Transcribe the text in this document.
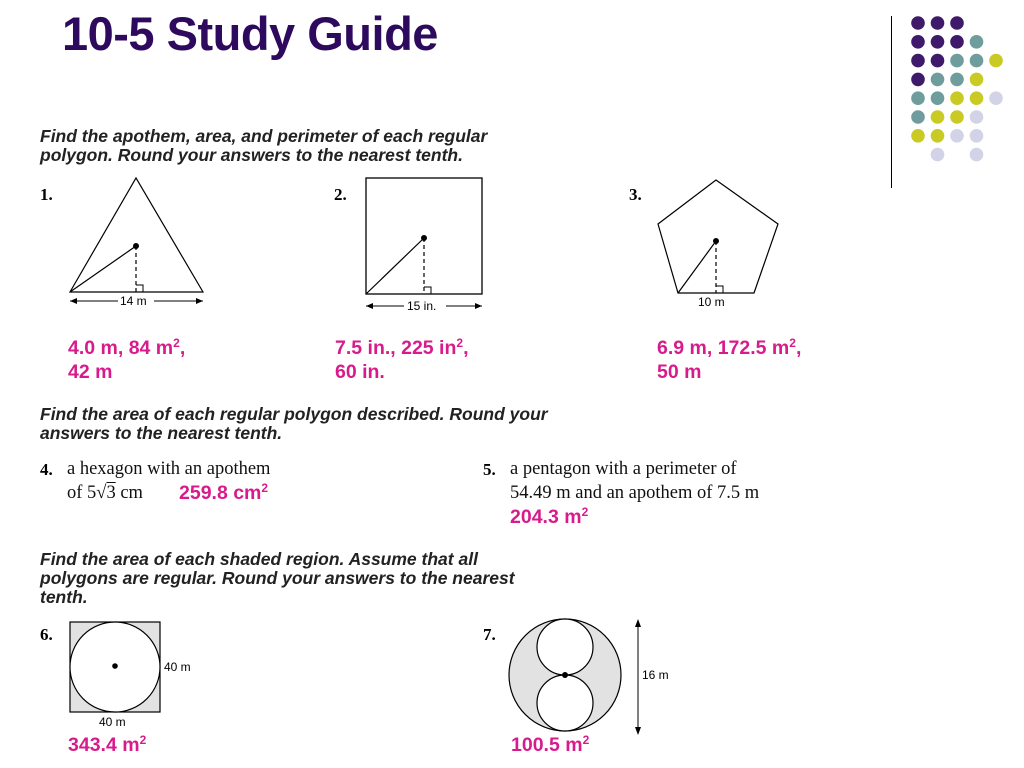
10-5 Study Guide
Find the apothem, area, and perimeter of each regular
polygon. Round your answers to the nearest tenth.
1.	2.	3.
14 m	15 in.	10 m
4.0 m, 84 $m^2$,
42 m
7.5 in., 225 $in^2$,
60 in.
6.9 m, 172.5 $m^2$,
50 m
Find the area of each regular polygon described. Round your
answers to the nearest tenth.
4. a hexagon with an apothem
of 5√3 cm	259.8 $cm^2$
5. a pentagon with a perimeter of
54.49 m and an apothem of 7.5 m
204.3 $m^2$
Find the area of each shaded region. Assume that all
polygons are regular. Round your answers to the nearest
tenth.
6.
40 m
40 m
343.4 $m^2$
7.
16 m
100.5 $m^2$
